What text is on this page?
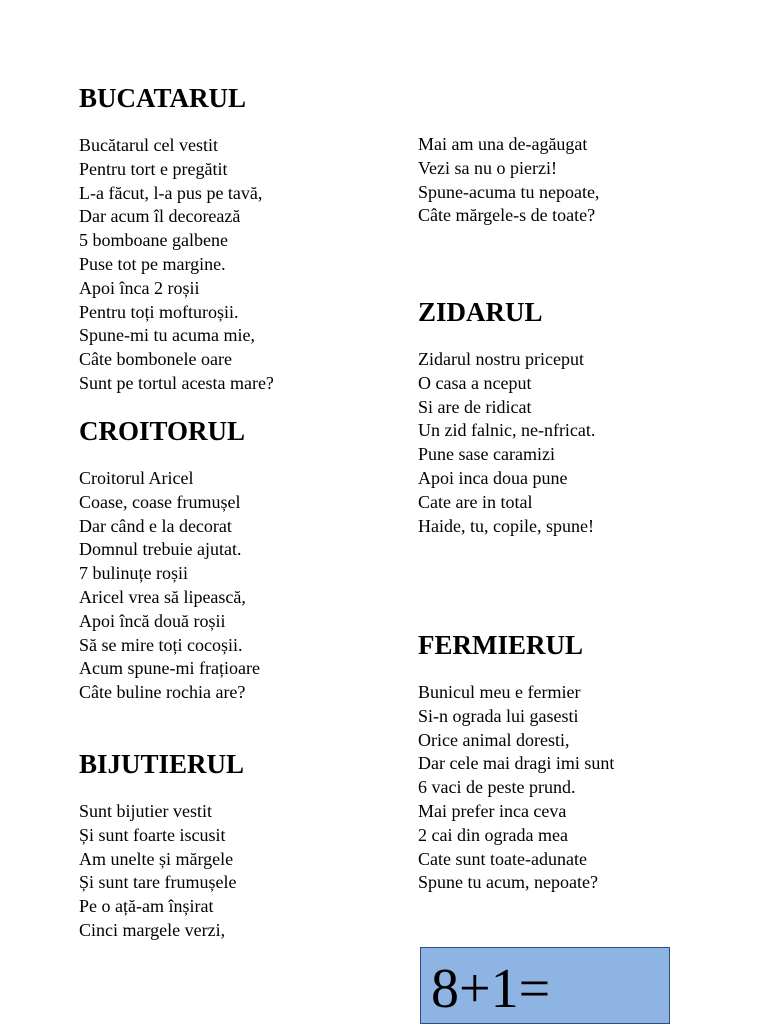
BUCATARUL
Bucătarul cel vestit
Pentru tort e pregătit
L-a făcut, l-a pus pe tavă,
Dar acum îl decorează
5 bomboane galbene
Puse tot pe margine.
Apoi înca 2 roșii
Pentru toți mofturoșii.
Spune-mi tu acuma mie,
Câte bombonele oare
Sunt pe tortul acesta mare?
CROITORUL
Croitorul Aricel
Coase, coase frumușel
Dar când e la decorat
Domnul trebuie ajutat.
7 bulinuțe roșii
Aricel vrea să lipească,
Apoi încă două roșii
Să se mire toți cocoșii.
Acum spune-mi frațioare
Câte buline rochia are?
BIJUTIERUL
Sunt bijutier vestit
Și sunt foarte iscusit
Am unelte și mărgele
Și sunt tare frumușele
Pe o ață-am înșirat
Cinci margele verzi,
Mai am una de-agăugat
Vezi sa nu o pierzi!
Spune-acuma tu nepoate,
Câte mărgele-s de toate?
ZIDARUL
Zidarul nostru priceput
O casa a nceput
Si are de ridicat
Un zid falnic, ne-nfricat.
Pune sase caramizi
Apoi inca doua pune
Cate are in total
Haide, tu, copile, spune!
FERMIERUL
Bunicul meu e fermier
Si-n ograda lui gasesti
Orice animal doresti,
Dar cele mai dragi imi sunt
6 vaci de peste prund.
Mai prefer inca ceva
2 cai din ograda mea
Cate sunt toate-adunate
Spune tu acum, nepoate?
8+1=
